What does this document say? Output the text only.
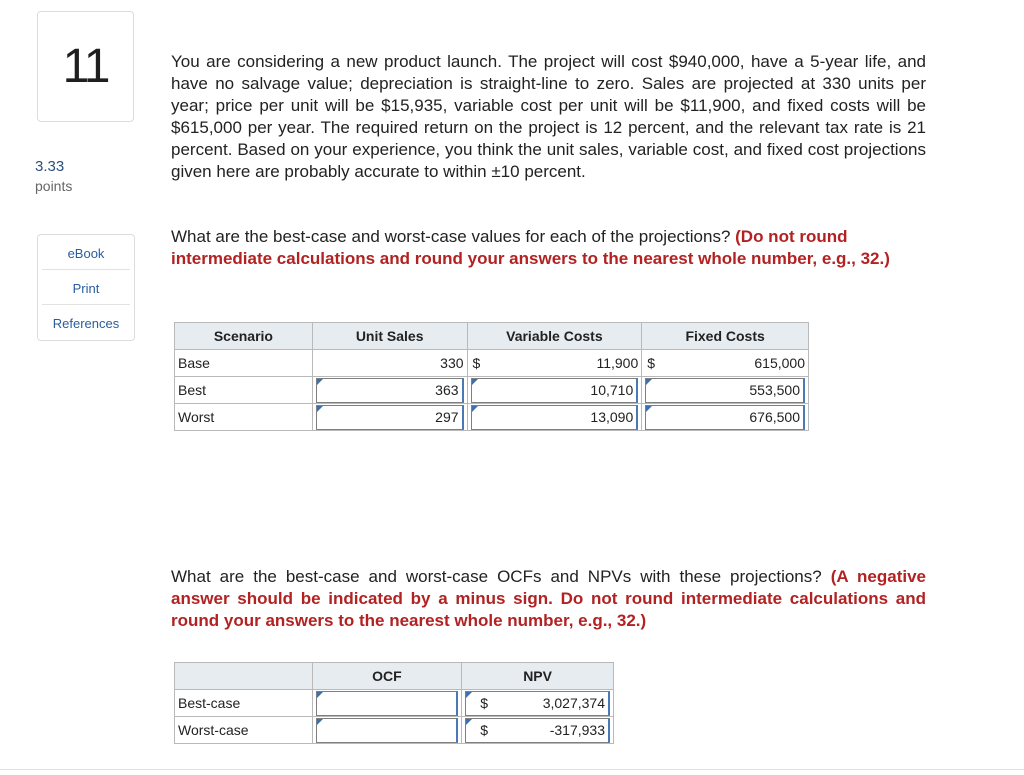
11
3.33
points
eBook
Print
References

You are considering a new product launch. The project will cost $940,000, have a 5-year life, and have no salvage value; depreciation is straight-line to zero. Sales are projected at 330 units per year; price per unit will be $15,935, variable cost per unit will be $11,900, and fixed costs will be $615,000 per year. The required return on the project is 12 percent, and the relevant tax rate is 21 percent. Based on your experience, you think the unit sales, variable cost, and fixed cost projections given here are probably accurate to within ±10 percent.

What are the best-case and worst-case values for each of the projections? (Do not round intermediate calculations and round your answers to the nearest whole number, e.g., 32.)

Scenario	Unit Sales	Variable Costs	Fixed Costs
Base	330	$ 11,900	$ 615,000

Best	363	10,710	553,500

Worst	297	13,090	676,500

What are the best-case and worst-case OCFs and NPVs with these projections? (A negative answer should be indicated by a minus sign. Do not round intermediate calculations and round your answers to the nearest whole number, e.g., 32.)

	OCF	NPV
Best-case		$ 3,027,374

Worst-case		$ -317,933
